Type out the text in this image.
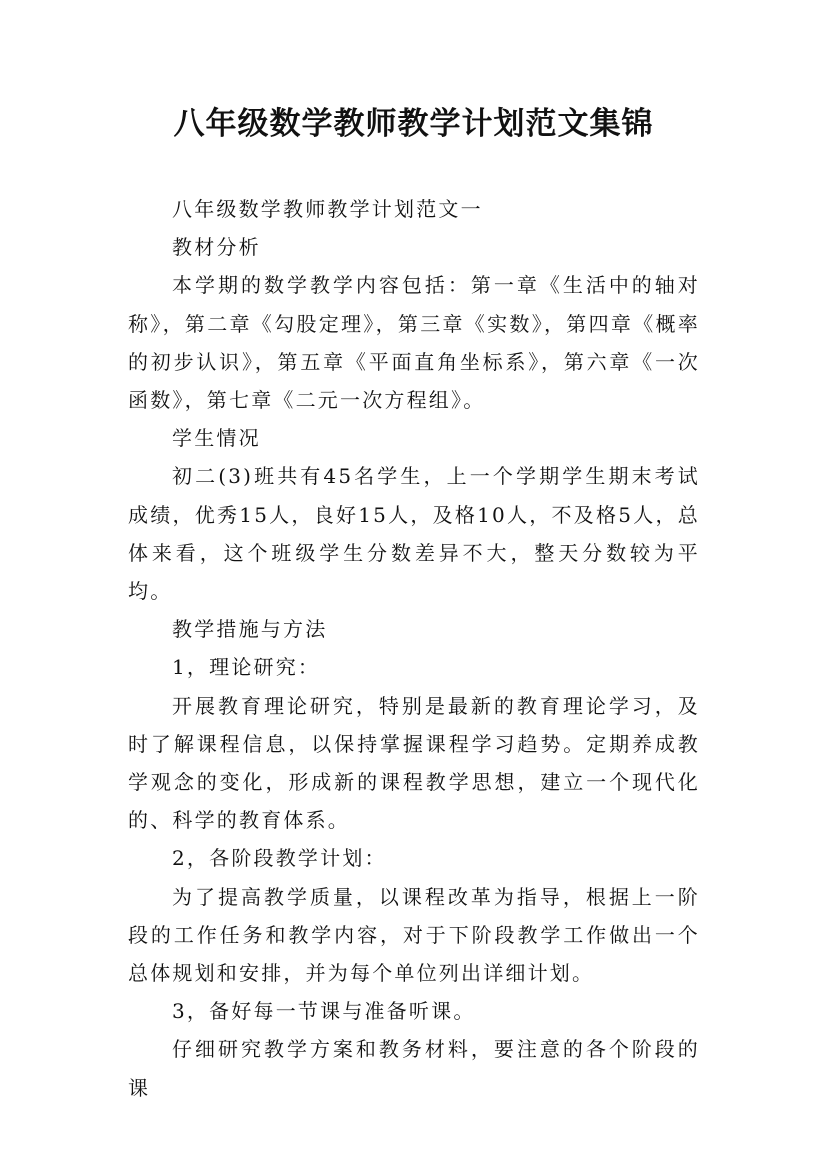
八年级数学教师教学计划范文集锦

八年级数学教师教学计划范文一

教材分析

本学期的数学教学内容包括：第一章《生活中的轴对称》，第二章《勾股定理》，第三章《实数》，第四章《概率的初步认识》，第五章《平面直角坐标系》，第六章《一次函数》，第七章《二元一次方程组》。

学生情况

初二(3)班共有45名学生，上一个学期学生期末考试成绩，优秀15人，良好15人，及格10人，不及格5人，总体来看，这个班级学生分数差异不大，整天分数较为平均。

教学措施与方法

1，理论研究：

开展教育理论研究，特别是最新的教育理论学习，及时了解课程信息，以保持掌握课程学习趋势。定期养成教学观念的变化，形成新的课程教学思想，建立一个现代化的、科学的教育体系。

2，各阶段教学计划：

为了提高教学质量，以课程改革为指导，根据上一阶段的工作任务和教学内容，对于下阶段教学工作做出一个总体规划和安排，并为每个单位列出详细计划。

3，备好每一节课与准备听课。

仔细研究教学方案和教务材料，要注意的各个阶段的课
